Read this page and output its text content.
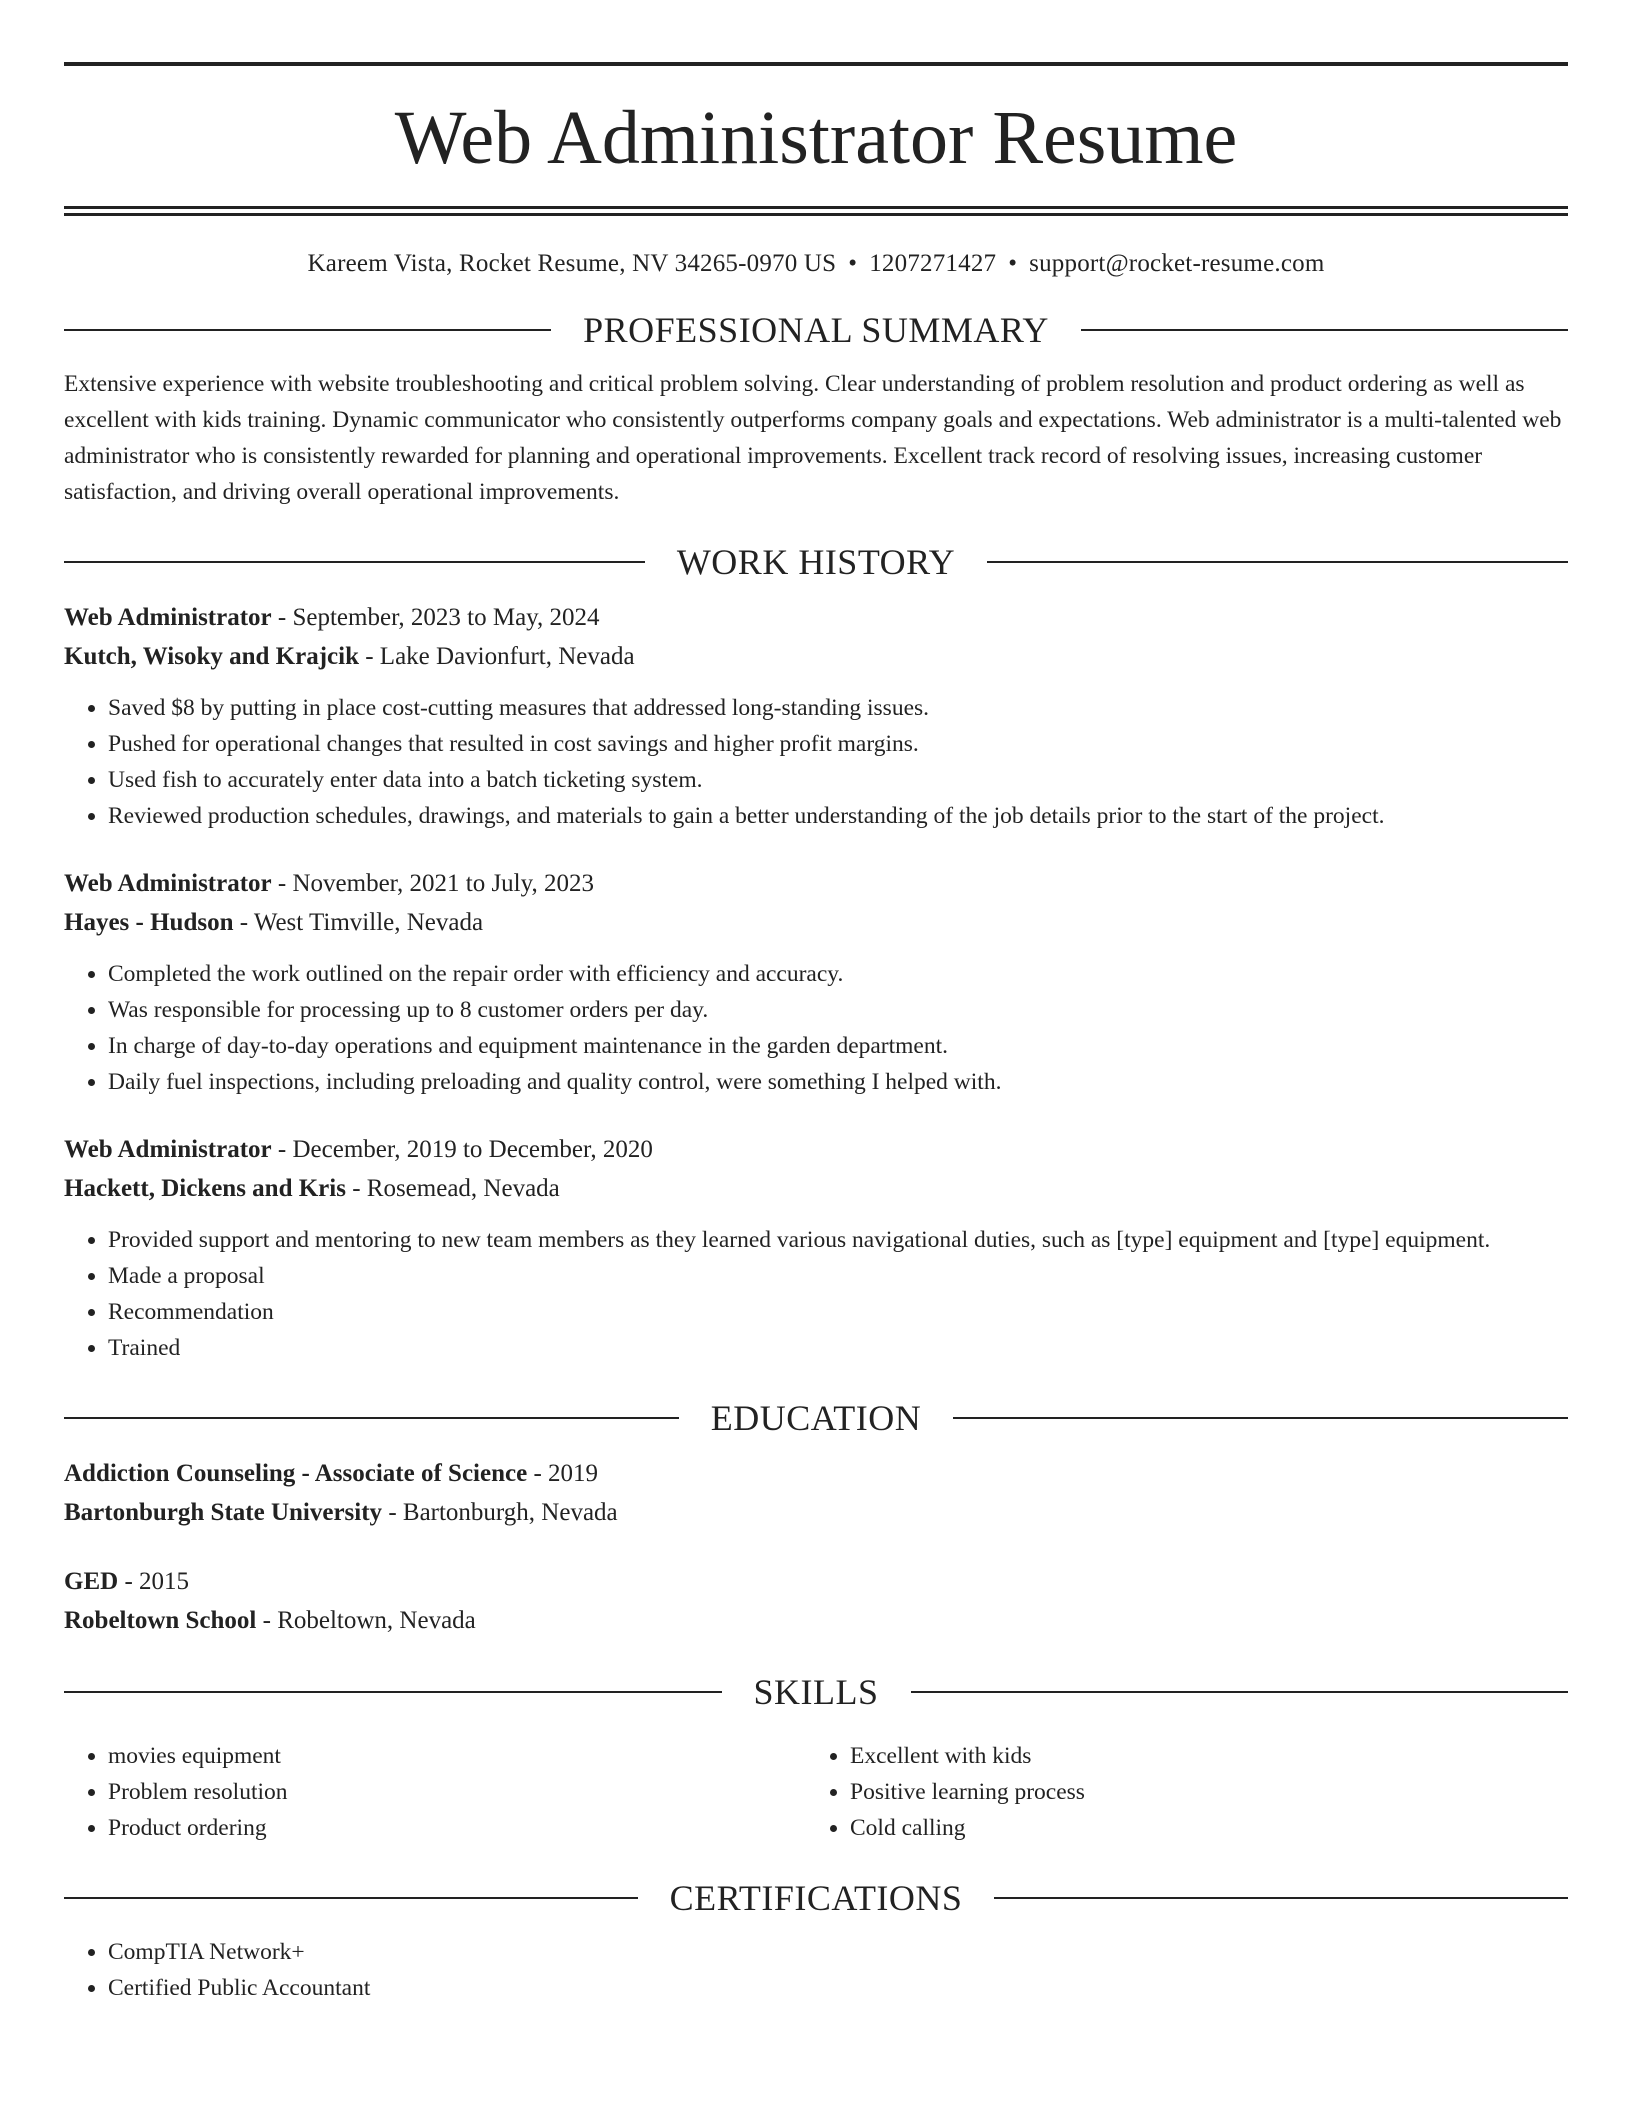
Web Administrator Resume

Kareem Vista, Rocket Resume, NV 34265-0970 US • 1207271427 • support@rocket-resume.com

PROFESSIONAL SUMMARY

Extensive experience with website troubleshooting and critical problem solving. Clear understanding of problem resolution and product ordering as well as excellent with kids training. Dynamic communicator who consistently outperforms company goals and expectations. Web administrator is a multi-talented web administrator who is consistently rewarded for planning and operational improvements. Excellent track record of resolving issues, increasing customer satisfaction, and driving overall operational improvements.

WORK HISTORY
Web Administrator - September, 2023 to May, 2024
Kutch, Wisoky and Krajcik - Lake Davionfurt, Nevada
• Saved $8 by putting in place cost-cutting measures that addressed long-standing issues.
• Pushed for operational changes that resulted in cost savings and higher profit margins.
• Used fish to accurately enter data into a batch ticketing system.
• Reviewed production schedules, drawings, and materials to gain a better understanding of the job details prior to the start of the project.
Web Administrator - November, 2021 to July, 2023
Hayes - Hudson - West Timville, Nevada
• Completed the work outlined on the repair order with efficiency and accuracy.
• Was responsible for processing up to 8 customer orders per day.
• In charge of day-to-day operations and equipment maintenance in the garden department.
• Daily fuel inspections, including preloading and quality control, were something I helped with.
Web Administrator - December, 2019 to December, 2020
Hackett, Dickens and Kris - Rosemead, Nevada
• Provided support and mentoring to new team members as they learned various navigational duties, such as [type] equipment and [type] equipment.
• Made a proposal
• Recommendation
• Trained
EDUCATION
Addiction Counseling - Associate of Science - 2019
Bartonburgh State University - Bartonburgh, Nevada
GED - 2015
Robeltown School - Robeltown, Nevada
SKILLS
• movies equipment
• Problem resolution
• Product ordering
• Excellent with kids
• Positive learning process
• Cold calling
CERTIFICATIONS
• CompTIA Network+
• Certified Public Accountant
